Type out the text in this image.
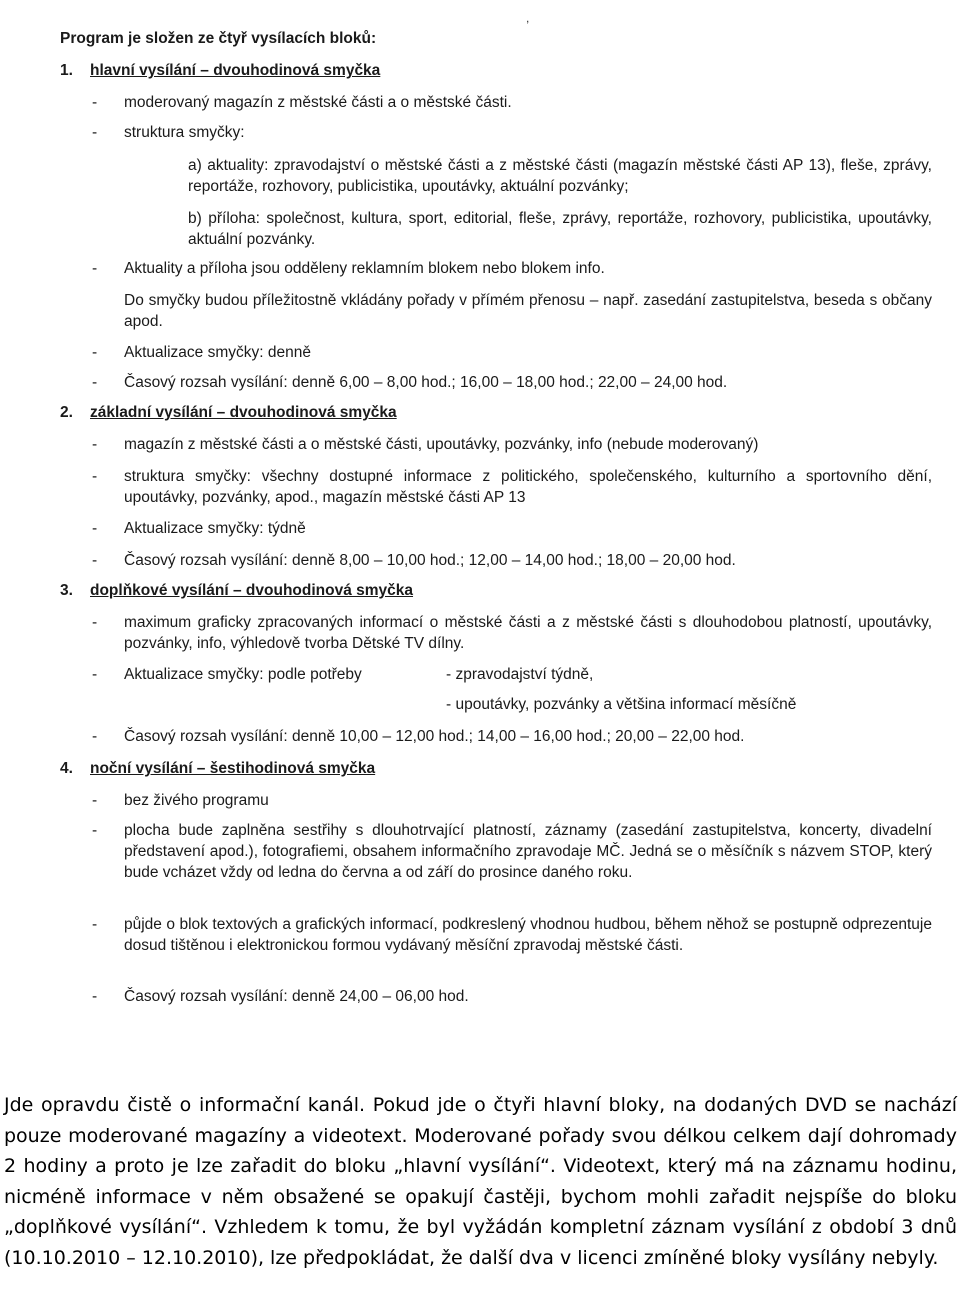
,
Program je složen ze čtyř vysílacích bloků:
1. hlavní vysílání – dvouhodinová smyčka
-	moderovaný magazín z městské části a o městské části.
-	struktura smyčky:
a) aktuality: zpravodajství o městské části a z městské části (magazín městské části AP 13), fleše, zprávy, reportáže, rozhovory, publicistika, upoutávky, aktuální pozvánky;
b) příloha: společnost, kultura, sport, editorial, fleše, zprávy, reportáže, rozhovory, publicistika, upoutávky, aktuální pozvánky.
-	Aktuality a příloha jsou odděleny reklamním blokem nebo blokem info.
Do smyčky budou příležitostně vkládány pořady v přímém přenosu – např. zasedání zastupitelstva, beseda s občany apod.
-	Aktualizace smyčky: denně
-	Časový rozsah vysílání: denně 6,00 – 8,00 hod.; 16,00 – 18,00 hod.; 22,00 – 24,00 hod.
2. základní vysílání – dvouhodinová smyčka
-	magazín z městské části a o městské části, upoutávky, pozvánky, info (nebude moderovaný)
-	struktura smyčky: všechny dostupné informace z politického, společenského, kulturního a sportovního dění, upoutávky, pozvánky, apod., magazín městské části AP 13
-	Aktualizace smyčky: týdně
-	Časový rozsah vysílání: denně 8,00 – 10,00 hod.; 12,00 – 14,00 hod.; 18,00 – 20,00 hod.
3. doplňkové vysílání – dvouhodinová smyčka
-	maximum graficky zpracovaných informací o městské části a z městské části s dlouhodobou platností, upoutávky, pozvánky, info, výhledově tvorba Dětské TV dílny.
-	Aktualizace smyčky: podle potřeby	- zpravodajství týdně,
- upoutávky, pozvánky a většina informací měsíčně
-	Časový rozsah vysílání: denně 10,00 – 12,00 hod.; 14,00 – 16,00 hod.; 20,00 – 22,00 hod.
4. noční vysílání – šestihodinová smyčka
-	bez živého programu
-	plocha bude zaplněna sestřihy s dlouhotrvající platností, záznamy (zasedání zastupitelstva, koncerty, divadelní představení apod.), fotografiemi, obsahem informačního zpravodaje MČ. Jedná se o měsíčník s názvem STOP, který bude vcházet vždy od ledna do června a od září do prosince daného roku.
-	půjde o blok textových a grafických informací, podkreslený vhodnou hudbou, během něhož se postupně odprezentuje dosud tištěnou i elektronickou formou vydávaný měsíční zpravodaj městské části.
-	Časový rozsah vysílání: denně 24,00 – 06,00 hod.
Jde opravdu čistě o informační kanál. Pokud jde o čtyři hlavní bloky, na dodaných DVD se nachází pouze moderované magazíny a videotext. Moderované pořady svou délkou celkem dají dohromady 2 hodiny a proto je lze zařadit do bloku „hlavní vysílání“. Videotext, který má na záznamu hodinu, nicméně informace v něm obsažené se opakují častěji, bychom mohli zařadit nejspíše do bloku „doplňkové vysílání“. Vzhledem k tomu, že byl vyžádán kompletní záznam vysílání z období 3 dnů (10.10.2010 – 12.10.2010), lze předpokládat, že další dva v licenci zmíněné bloky vysílány nebyly.
